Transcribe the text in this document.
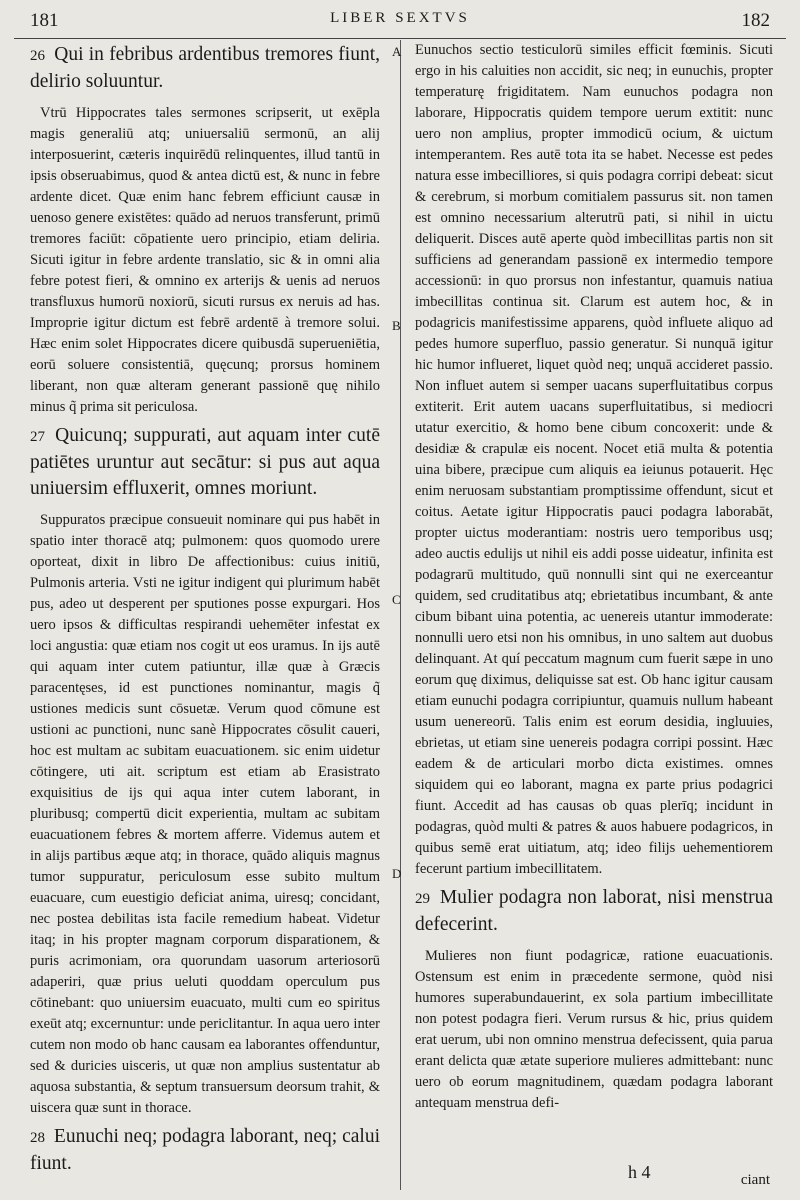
181	LIBER SEXTVS	182
A
B
C
D

26 Qui in febribus ardentibus tremores fiunt, delirio soluuntur.

Vtrū Hippocrates tales sermones scripserit, ut exēpla magis generaliū atq; uniuersaliū sermonū, an alij interposuerint, cæteris inquirēdū relinquentes, illud tantū in ipsis obseruabimus, quod & antea dictū est, & nunc in febre ardente dicet. Quæ enim hanc febrem efficiunt causæ in uenoso genere existētes: quādo ad neruos transferunt, primū tremores faciūt: cōpatiente uero principio, etiam deliria. Sicuti igitur in febre ardente translatio, sic & in omni alia febre potest fieri, & omnino ex arterijs & uenis ad neruos transfluxus humorū noxiorū, sicuti rursus ex neruis ad has. Improprie igitur dictum est febrē ardentē à tremore solui. Hæc enim solet Hippocrates dicere quibusdā superueniētia, eorū soluere consistentiā, quęcunq; prorsus hominem liberant, non quæ alteram generant passionē quę nihilo minus q̃ prima sit periculosa.

27 Quicunq; suppurati, aut aquam inter cutē patiētes uruntur aut secātur: si pus aut aqua uniuersim effluxerit, omnes moriunt.

Suppuratos præcipue consueuit nominare qui pus habēt in spatio inter thoracē atq; pulmonem: quos quomodo urere oporteat, dixit in libro De affectionibus: cuius initiū, Pulmonis arteria. Vsti ne igitur indigent qui plurimum habēt pus, adeo ut desperent per sputiones posse expurgari. Hos uero ipsos & difficultas respirandi uehemēter infestat ex loci angustia: quæ etiam nos cogit ut eos uramus. In ijs autē qui aquam inter cutem patiuntur, illæ quæ à Græcis paracentęses, id est punctiones nominantur, magis q̃ ustiones medicis sunt cōsuetæ. Verum quod cōmune est ustioni ac punctioni, nunc sanè Hippocrates cōsulit caueri, hoc est multam ac subitam euacuationem. sic enim uidetur cōtingere, uti ait. scriptum est etiam ab Erasistrato exquisitius de ijs qui aqua inter cutem laborant, in pluribusq; compertū dicit experientia, multam ac subitam euacuationem febres & mortem afferre. Videmus autem et in alijs partibus æque atq; in thorace, quādo aliquis magnus tumor suppuratur, periculosum esse subito multum euacuare, cum euestigio deficiat anima, uiresq; concidant, nec postea debilitas ista facile remedium habeat. Videtur itaq; in his propter magnam corporum disparationem, & puris acrimoniam, ora quorundam uasorum arteriosorū adaperiri, quæ prius ueluti quoddam operculum pus cōtinebant: quo uniuersim euacuato, multi cum eo spiritus exeūt atq; excernuntur: unde periclitantur. In aqua uero inter cutem non modo ob hanc causam ea laborantes offenduntur, sed & duricies uisceris, ut quæ non amplius sustentatur ab aquosa substantia, & septum transuersum deorsum trahit, & uiscera quæ sunt in thorace.

28 Eunuchi neq; podagra laborant, neq; calui fiunt.

Eunuchos sectio testiculorū similes efficit fœminis. Sicuti ergo in his caluities non accidit, sic neq; in eunuchis, propter temperaturę frigiditatem. Nam eunuchos podagra non laborare, Hippocratis quidem tempore uerum extitit: nunc uero non amplius, propter immodicū ocium, & uictum intemperantem. Res autē tota ita se habet. Necesse est pedes natura esse imbecilliores, si quis podagra corripi debeat: sicut & cerebrum, si morbum comitialem passurus sit. non tamen est omnino necessarium alterutrū pati, si nihil in uictu deliquerit. Disces autē aperte quòd imbecillitas partis non sit sufficiens ad generandam passionē ex intermedio tempore accessionū: in quo prorsus non infestantur, quamuis natiua imbecillitas continua sit. Clarum est autem hoc, & in podagricis manifestissime apparens, quòd influete aliquo ad pedes humore superfluo, passio generatur. Si nunquā igitur hic humor influeret, liquet quòd neq; unquā accideret passio. Non influet autem si semper uacans superfluitatibus corpus extiterit. Erit autem uacans superfluitatibus, si mediocri utatur exercitio, & homo bene cibum concoxerit: unde & desidiæ & crapulæ eis nocent. Nocet etiā multa & potentia uina bibere, præcipue cum aliquis ea ieiunus potauerit. Hęc enim neruosam substantiam promptissime offendunt, sicut et coitus. Aetate igitur Hippocratis pauci podagra laborabāt, propter uictus moderantiam: nostris uero temporibus usq; adeo auctis edulijs ut nihil eis addi posse uideatur, infinita est podagrarū multitudo, quū nonnulli sint qui ne exerceantur quidem, sed cruditatibus atq; ebrietatibus incumbant, & ante cibum bibant uina potentia, ac uenereis utantur immoderate: nonnulli uero etsi non his omnibus, in uno saltem aut duobus delinquant. At quí peccatum magnum cum fuerit sæpe in uno eorum quę diximus, deliquisse sat est. Ob hanc igitur causam etiam eunuchi podagra corripiuntur, quamuis nullum habeant usum uenereorū. Talis enim est eorum desidia, ingluuies, ebrietas, ut etiam sine uenereis podagra corripi possint. Hæc eadem & de articulari morbo dicta existimes. omnes siquidem qui eo laborant, magna ex parte prius podagrici fiunt. Accedit ad has causas ob quas plerīq; incidunt in podagras, quòd multi & patres & auos habuere podagricos, in quibus semē erat uitiatum, atq; ideo filijs uehementiorem fecerunt partium imbecillitatem.

29 Mulier podagra non laborat, nisi menstrua defecerint.

Mulieres non fiunt podagricæ, ratione euacuationis. Ostensum est enim in præcedente sermone, quòd nisi humores superabundauerint, ex sola partium imbecillitate non potest podagra fieri. Verum rursus & hic, prius quidem erat uerum, ubi non omnino menstrua defecissent, quia parua erant delicta quæ ætate superiore mulieres admittebant: nunc uero ob eorum magnitudinem, quædam podagra laborant antequam menstrua defi-

h 4	ciant
